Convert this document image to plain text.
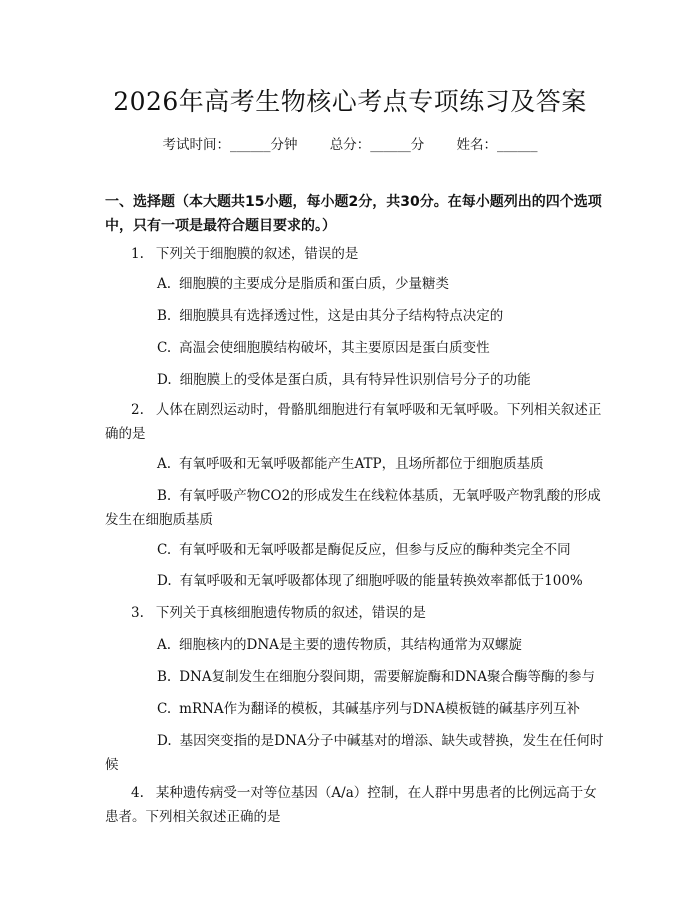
2026年高考生物核心考点专项练习及答案
考试时间：______分钟 总分：______分 姓名：______
一、选择题（本大题共15小题，每小题2分，共30分。在每小题列出的四个选项中，只有一项是最符合题目要求的。）
1. 下列关于细胞膜的叙述，错误的是
A. 细胞膜的主要成分是脂质和蛋白质，少量糖类
B. 细胞膜具有选择透过性，这是由其分子结构特点决定的
C. 高温会使细胞膜结构破坏，其主要原因是蛋白质变性
D. 细胞膜上的受体是蛋白质，具有特异性识别信号分子的功能
2. 人体在剧烈运动时，骨骼肌细胞进行有氧呼吸和无氧呼吸。下列相关叙述正确的是
A. 有氧呼吸和无氧呼吸都能产生ATP，且场所都位于细胞质基质
B. 有氧呼吸产物CO2的形成发生在线粒体基质，无氧呼吸产物乳酸的形成发生在细胞质基质
C. 有氧呼吸和无氧呼吸都是酶促反应，但参与反应的酶种类完全不同
D. 有氧呼吸和无氧呼吸都体现了细胞呼吸的能量转换效率都低于100%
3. 下列关于真核细胞遗传物质的叙述，错误的是
A. 细胞核内的DNA是主要的遗传物质，其结构通常为双螺旋
B. DNA复制发生在细胞分裂间期，需要解旋酶和DNA聚合酶等酶的参与
C. mRNA作为翻译的模板，其碱基序列与DNA模板链的碱基序列互补
D. 基因突变指的是DNA分子中碱基对的增添、缺失或替换，发生在任何时候
4. 某种遗传病受一对等位基因（A/a）控制，在人群中男患者的比例远高于女患者。下列相关叙述正确的是
